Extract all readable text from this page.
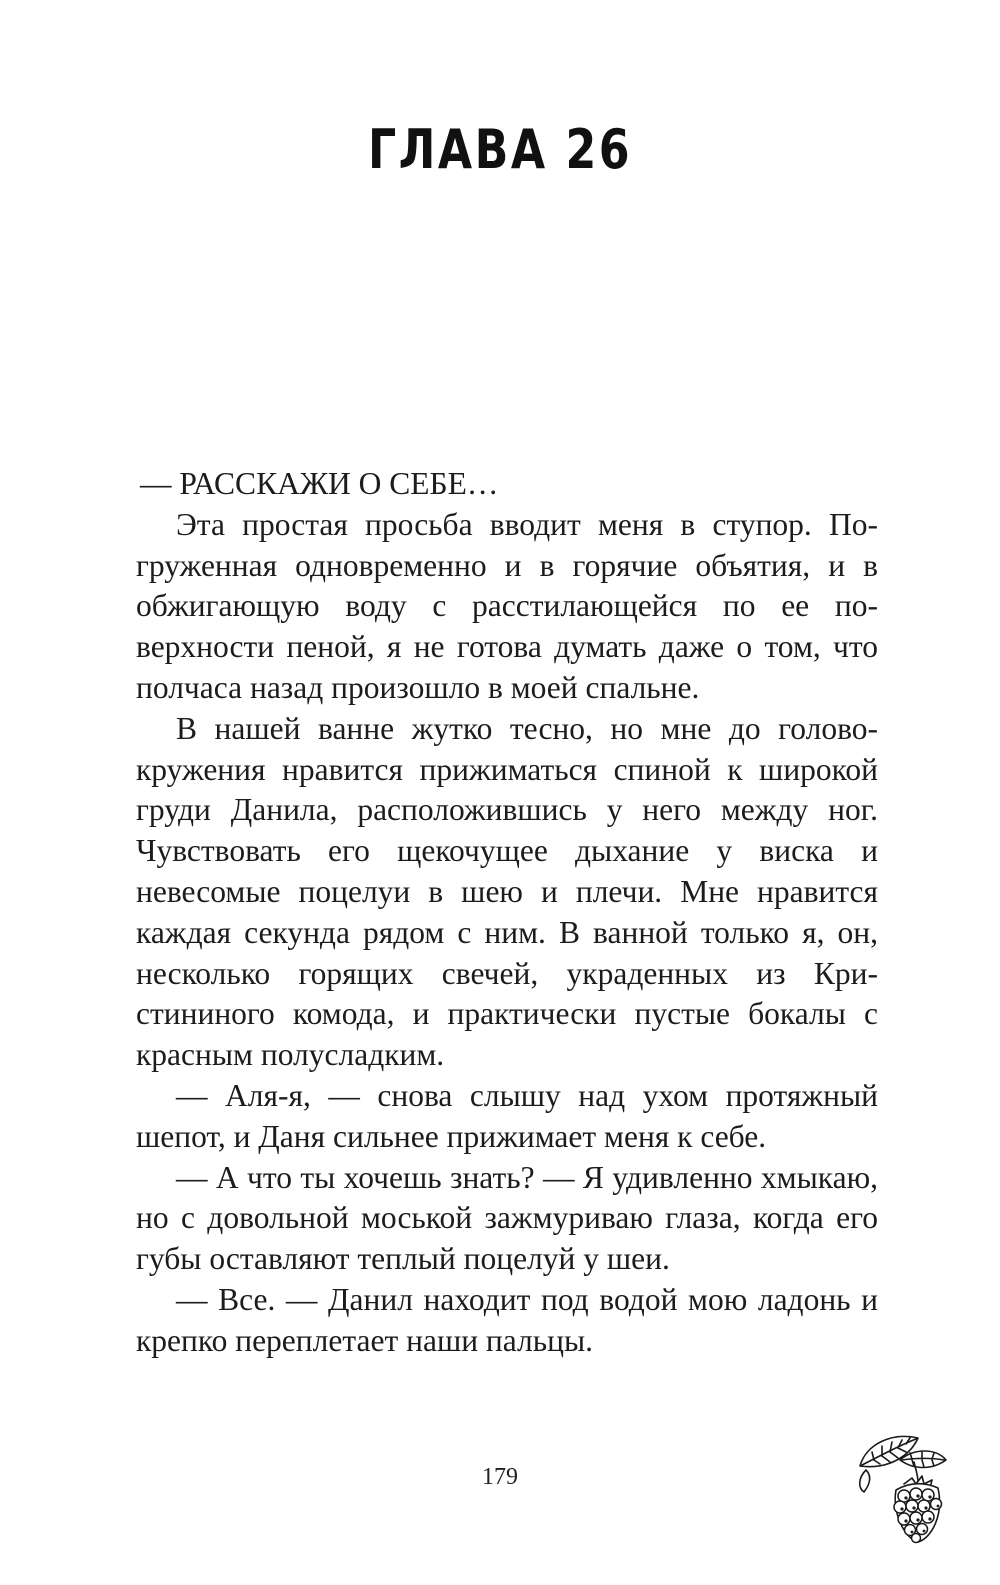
ГЛАВА 26

— РАССКАЖИ О СЕБЕ…

Эта простая просьба вводит меня в ступор. Погруженная одновременно и в горячие объятия, и в обжигающую воду с расстилающейся по ее поверхности пеной, я не готова думать даже о том, что полчаса назад произошло в моей спальне.

В нашей ванне жутко тесно, но мне до головокружения нравится прижиматься спиной к широкой груди Данила, расположившись у него между ног. Чувствовать его щекочущее дыхание у виска и невесомые поцелуи в шею и плечи. Мне нравится каждая секунда рядом с ним. В ванной только я, он, несколько горящих свечей, украденных из Кристининого комода, и практически пустые бокалы с красным полусладким.

— Аля-я, — снова слышу над ухом протяжный шепот, и Даня сильнее прижимает меня к себе.

— А что ты хочешь знать? — Я удивленно хмыкаю, но с довольной моськой зажмуриваю глаза, когда его губы оставляют теплый поцелуй у шеи.

— Все. — Данил находит под водой мою ладонь и крепко переплетает наши пальцы.

179
